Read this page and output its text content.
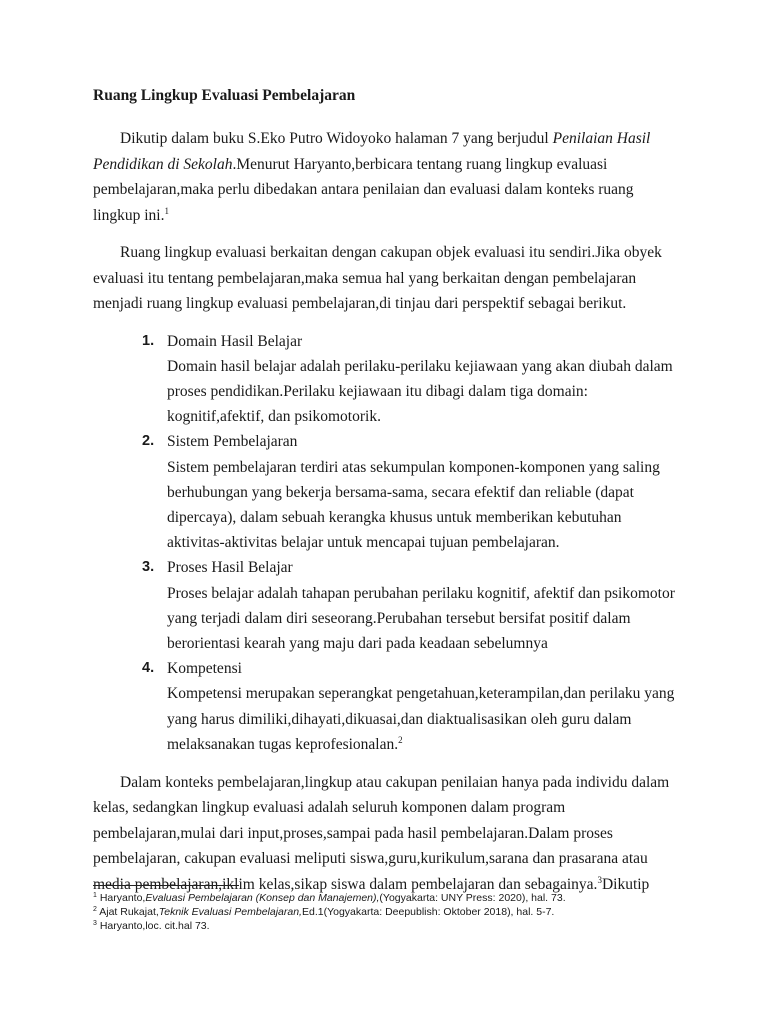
Ruang Lingkup Evaluasi Pembelajaran

Dikutip dalam buku S.Eko Putro Widoyoko halaman 7 yang berjudul Penilaian Hasil Pendidikan di Sekolah.Menurut Haryanto,berbicara tentang ruang lingkup evaluasi pembelajaran,maka perlu dibedakan antara penilaian dan evaluasi dalam konteks ruang lingkup ini.$^1$

Ruang lingkup evaluasi berkaitan dengan cakupan objek evaluasi itu sendiri.Jika obyek evaluasi itu tentang pembelajaran,maka semua hal yang berkaitan dengan pembelajaran menjadi ruang lingkup evaluasi pembelajaran,di tinjau dari perspektif sebagai berikut.

1. Domain Hasil Belajar
Domain hasil belajar adalah perilaku-perilaku kejiawaan yang akan diubah dalam proses pendidikan.Perilaku kejiawaan itu dibagi dalam tiga domain: kognitif,afektif, dan psikomotorik.
2. Sistem Pembelajaran
Sistem pembelajaran terdiri atas sekumpulan komponen-komponen yang saling berhubungan yang bekerja bersama-sama, secara efektif dan reliable (dapat dipercaya), dalam sebuah kerangka khusus untuk memberikan kebutuhan aktivitas-aktivitas belajar untuk mencapai tujuan pembelajaran.
3. Proses Hasil Belajar
Proses belajar adalah tahapan perubahan perilaku kognitif, afektif dan psikomotor yang terjadi dalam diri seseorang.Perubahan tersebut bersifat positif dalam berorientasi kearah yang maju dari pada keadaan sebelumnya
4. Kompetensi
Kompetensi merupakan seperangkat pengetahuan,keterampilan,dan perilaku yang yang harus dimiliki,dihayati,dikuasai,dan diaktualisasikan oleh guru dalam melaksanakan tugas keprofesionalan.$^2$

Dalam konteks pembelajaran,lingkup atau cakupan penilaian hanya pada individu dalam kelas, sedangkan lingkup evaluasi adalah seluruh komponen dalam program pembelajaran,mulai dari input,proses,sampai pada hasil pembelajaran.Dalam proses pembelajaran, cakupan evaluasi meliputi siswa,guru,kurikulum,sarana dan prasarana atau media pembelajaran,iklim kelas,sikap siswa dalam pembelajaran dan sebagainya.$^3$Dikutip

$^1$ Haryanto,Evaluasi Pembelajaran (Konsep dan Manajemen),(Yogyakarta: UNY Press: 2020), hal. 73.

$^2$ Ajat Rukajat,Teknik Evaluasi Pembelajaran,Ed.1(Yogyakarta: Deepublish: Oktober 2018), hal. 5-7.

$^3$ Haryanto,loc. cit.hal 73.
